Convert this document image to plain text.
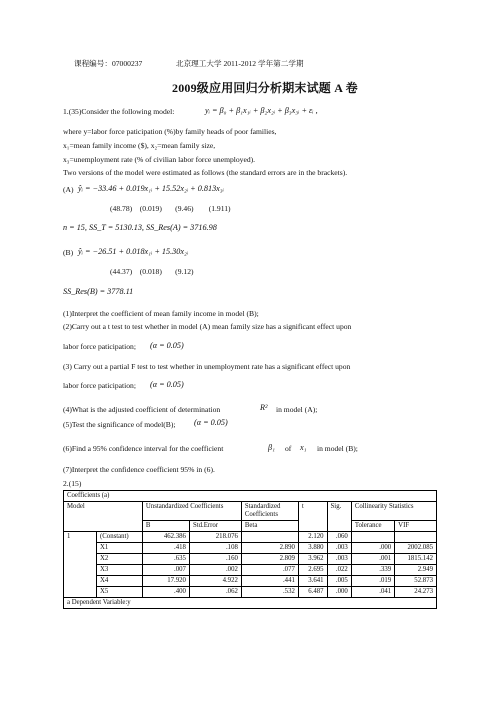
课程编号：07000237	北京理工大学 2011-2012 学年第二学期
2009级应用回归分析期末试题 A 卷
1.(35)Consider the following model:	yᵢ = β₀ + β₁x₁ᵢ + β₂x₂ᵢ + β₃x₃ᵢ + εᵢ ,
where y=labor force paticipation (%)by family heads of poor families,
x₁=mean family income ($), x₂=mean family size,
x₃=unemployment rate (% of civilian labor force unemployed).
Two versions of the model were estimated as follows (the standard errors are in the brackets).
(A) ŷᵢ = −33.46 + 0.019x₁ᵢ + 15.52x₂ᵢ + 0.813x₃ᵢ
(48.78)    (0.019)       (9.46)        (1.911)
n = 15, SS_T = 5130.13, SS_Res(A) = 3716.98
(B) ŷᵢ = −26.51 + 0.018x₁ᵢ + 15.30x₂ᵢ
(44.37)    (0.018)       (9.12)
SS_Res(B) = 3778.11
(1)Interpret the coefficient of mean family income in model (B);
(2)Carry out a t test to test whether in model (A) mean family size has a significant effect upon
labor force paticipation; (α = 0.05)
(3) Carry out a partial F test to test whether in unemployment rate has a significant effect upon
labor force paticipation; (α = 0.05)
(4)What is the adjusted coefficient of determination	R² in model (A);
(5)Test the significance of model(B); (α = 0.05)
(6)Find a 95% confidence interval for the coefficient	β₁ of x₁ in model (B);
(7)Interpret the confidence coefficient 95% in (6).
2.(15)
Coefficients (a)								
Model		Unstandardized Coefficients		Standardized Coefficients	t	Sig.	Collinearity Statistics	
		B	Std.Error	Beta			Tolerance	VIF
1	(Constant)	462.386	218.076		2.120	.060		
	X1	.418	.108	2.890	3.880	.003	.000	2002.085
	X2	.635	.160	2.809	3.962	.003	.001	1815.142
	X3	.007	.002	.077	2.695	.022	.339	2.949
	X4	17.920	4.922	.441	3.641	.005	.019	52.873
	X5	.400	.062	.532	6.487	.000	.041	24.273
a Dependent Variable:y								
